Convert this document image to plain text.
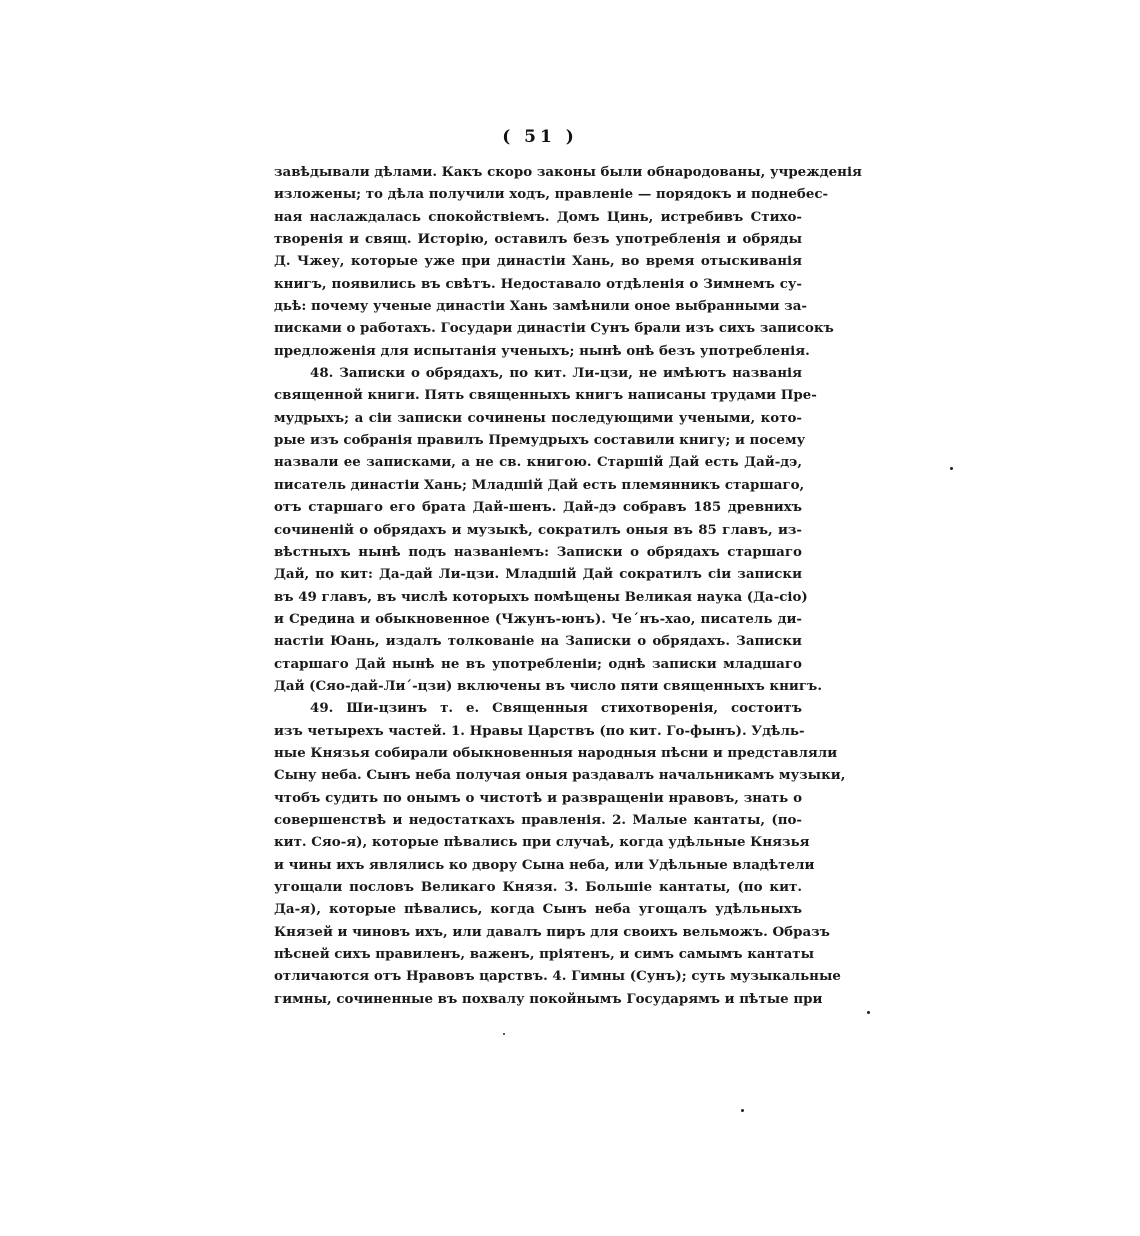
( 51 )
завѣдывали дѣлами. Какъ скоро законы были обнародованы, учрежденія
изложены; то дѣла получили ходъ, правленіе — порядокъ и поднебес-
ная наслаждалась спокойствіемъ. Домъ Цинь, истребивъ Стихо-
творенія и свящ. Исторію, оставилъ безъ употребленія и обряды
Д. Чжеу, которые уже при династіи Хань, во время отыскиванія
книгъ, появились въ свѣтъ. Недоставало отдѣленія о Зимнемъ су-
дьѣ: почему ученые династіи Хань замѣнили оное выбранными за-
писками о работахъ. Государи династіи Сунъ брали изъ сихъ записокъ
предложенія для испытанія ученыхъ; нынѣ онѣ безъ употребленія.
48. Записки о обрядахъ, по кит. Ли-цзи, не имѣютъ названія
священной книги. Пять священныхъ книгъ написаны трудами Пре-
мудрыхъ; а сіи записки сочинены последующими учеными, кото-
рые изъ собранія правилъ Премудрыхъ составили книгу; и посему
назвали ее записками, а не св. книгою. Старшій Дай есть Дай-дэ,
писатель династіи Хань; Младшій Дай есть племянникъ старшаго,
отъ старшаго его брата Дай-шенъ. Дай-дэ собравъ 185 древнихъ
сочиненій о обрядахъ и музыкѣ, сократилъ оныя въ 85 главъ, из-
вѣстныхъ нынѣ подъ названіемъ: Записки о обрядахъ старшаго
Дай, по кит: Да-дай Ли-цзи. Младшій Дай сократилъ сіи записки
въ 49 главъ, въ числѣ которыхъ помѣщены Великая наука (Да-сіо)
и Средина и обыкновенное (Чжунъ-юнъ). Чеˊнъ-хао, писатель ди-
настіи Юань, издалъ толкованіе на Записки о обрядахъ. Записки
старшаго Дай нынѣ не въ употребленіи; однѣ записки младшаго
Дай (Сяо-дай-Лиˊ-цзи) включены въ число пяти священныхъ книгъ.
49. Ши-цзинъ т. е. Священныя стихотворенія, состоитъ
изъ четырехъ частей. 1. Нравы Царствъ (по кит. Го-фынъ). Удѣль-
ные Князья собирали обыкновенныя народныя пѣсни и представляли
Сыну неба. Сынъ неба получая оныя раздавалъ начальникамъ музыки,
чтобъ судить по онымъ о чистотѣ и развращеніи нравовъ, знать о
совершенствѣ и недостаткахъ правленія. 2. Малые кантаты, (по-
кит. Сяо-я), которые пѣвались при случаѣ, когда удѣльные Князья
и чины ихъ являлись ко двору Сына неба, или Удѣльные владѣтели
угощали пословъ Великаго Князя. 3. Большіе кантаты, (по кит.
Да-я), которые пѣвались, когда Сынъ неба угощалъ удѣльныхъ
Князей и чиновъ ихъ, или давалъ пиръ для своихъ вельможъ. Образъ
пѣсней сихъ правиленъ, важенъ, пріятенъ, и симъ самымъ кантаты
отличаются отъ Нравовъ царствъ. 4. Гимны (Сунъ); суть музыкальные
гимны, сочиненные въ похвалу покойнымъ Государямъ и пѣтые при
